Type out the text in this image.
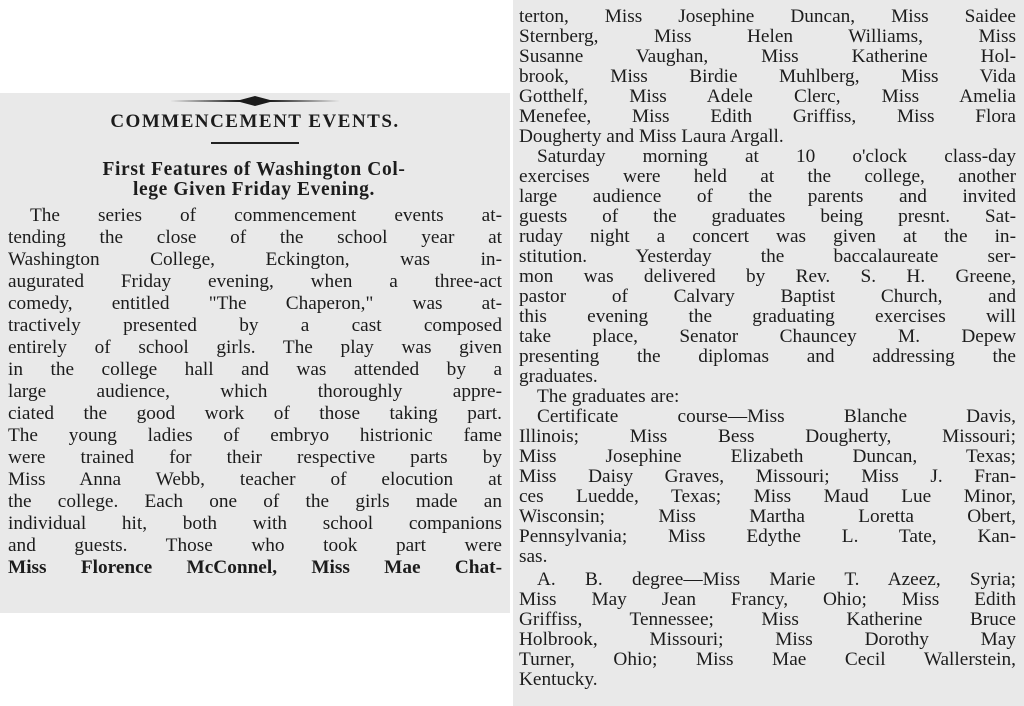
COMMENCEMENT EVENTS.
First Features of Washington Col-
lege Given Friday Evening.
The series of commencement events at-
tending the close of the school year at
Washington College, Eckington, was in-
augurated Friday evening, when a three-act
comedy, entitled "The Chaperon," was at-
tractively presented by a cast composed
entirely of school girls. The play was given
in the college hall and was attended by a
large audience, which thoroughly appre-
ciated the good work of those taking part.
The young ladies of embryo histrionic fame
were trained for their respective parts by
Miss Anna Webb, teacher of elocution at
the college. Each one of the girls made an
individual hit, both with school companions
and guests. Those who took part were
Miss Florence McConnel, Miss Mae Chat-
terton, Miss Josephine Duncan, Miss Saidee
Sternberg, Miss Helen Williams, Miss
Susanne Vaughan, Miss Katherine Hol-
brook, Miss Birdie Muhlberg, Miss Vida
Gotthelf, Miss Adele Clerc, Miss Amelia
Menefee, Miss Edith Griffiss, Miss Flora
Dougherty and Miss Laura Argall.
Saturday morning at 10 o'clock class-day
exercises were held at the college, another
large audience of the parents and invited
guests of the graduates being presnt. Sat-
ruday night a concert was given at the in-
stitution. Yesterday the baccalaureate ser-
mon was delivered by Rev. S. H. Greene,
pastor of Calvary Baptist Church, and
this evening the graduating exercises will
take place, Senator Chauncey M. Depew
presenting the diplomas and addressing the
graduates.
The graduates are:
Certificate course—Miss Blanche Davis,
Illinois; Miss Bess Dougherty, Missouri;
Miss Josephine Elizabeth Duncan, Texas;
Miss Daisy Graves, Missouri; Miss J. Fran-
ces Luedde, Texas; Miss Maud Lue Minor,
Wisconsin; Miss Martha Loretta Obert,
Pennsylvania; Miss Edythe L. Tate, Kan-
sas.
A. B. degree—Miss Marie T. Azeez, Syria;
Miss May Jean Francy, Ohio; Miss Edith
Griffiss, Tennessee; Miss Katherine Bruce
Holbrook, Missouri; Miss Dorothy May
Turner, Ohio; Miss Mae Cecil Wallerstein,
Kentucky.
